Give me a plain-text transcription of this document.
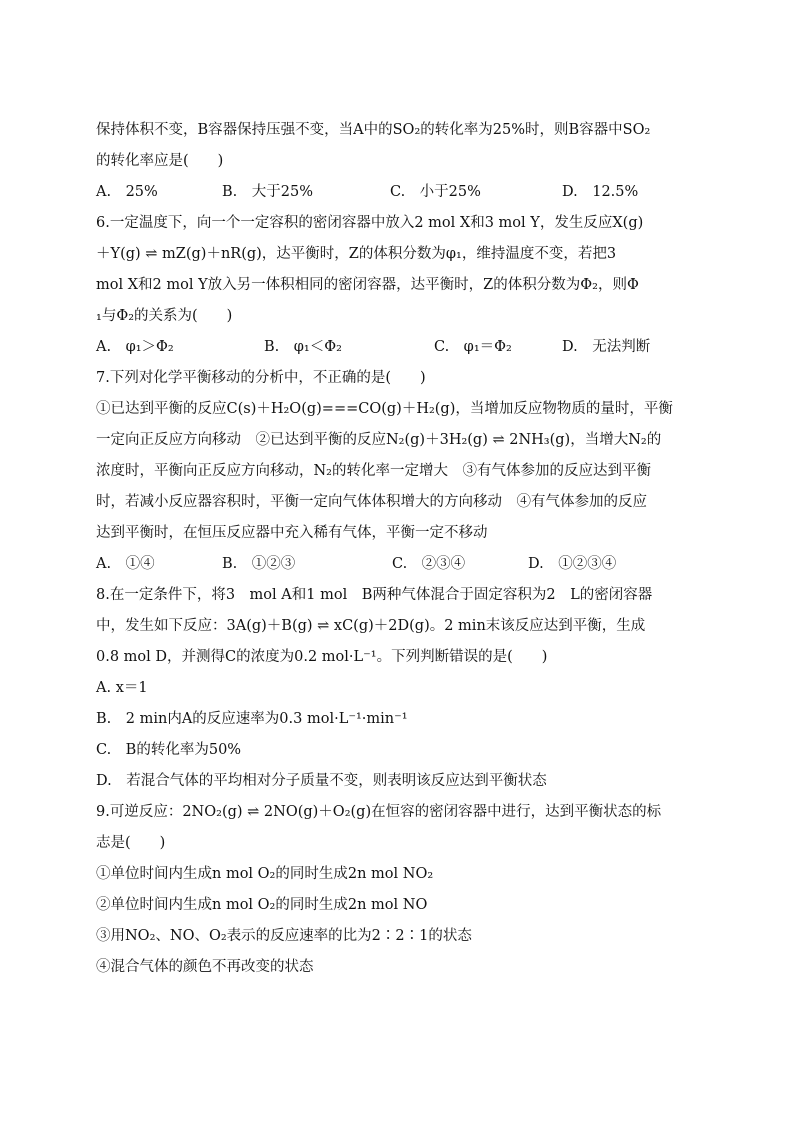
保持体积不变，B容器保持压强不变，当A中的SO₂的转化率为25%时，则B容器中SO₂
的转化率应是(　　)
A.　25%	B.　大于25%	C.　小于25%	D.　12.5%
6.一定温度下，向一个一定容积的密闭容器中放入2 mol X和3 mol Y，发生反应X(g)
＋Y(g) ⇌ mZ(g)＋nR(g)，达平衡时，Z的体积分数为φ₁，维持温度不变，若把3
mol X和2 mol Y放入另一体积相同的密闭容器，达平衡时，Z的体积分数为Φ₂，则Φ
₁与Φ₂的关系为(　　)
A.　φ₁＞Φ₂	B.　φ₁＜Φ₂	C.　φ₁＝Φ₂	D.　无法判断
7.下列对化学平衡移动的分析中，不正确的是(　　)
①已达到平衡的反应C(s)＋H₂O(g)===CO(g)＋H₂(g)，当增加反应物物质的量时，平衡
一定向正反应方向移动　②已达到平衡的反应N₂(g)＋3H₂(g) ⇌ 2NH₃(g)，当增大N₂的
浓度时，平衡向正反应方向移动，N₂的转化率一定增大　③有气体参加的反应达到平衡
时，若减小反应器容积时，平衡一定向气体体积增大的方向移动　④有气体参加的反应
达到平衡时，在恒压反应器中充入稀有气体，平衡一定不移动
A.　①④	B.　①②③	C.　②③④	D.　①②③④
8.在一定条件下，将3　mol A和1 mol　B两种气体混合于固定容积为2　L的密闭容器
中，发生如下反应：3A(g)＋B(g) ⇌ xC(g)＋2D(g)。2 min末该反应达到平衡，生成
0.8 mol D，并测得C的浓度为0.2 mol·L⁻¹。下列判断错误的是(　　)
A. x＝1
B.　2 min内A的反应速率为0.3 mol·L⁻¹·min⁻¹
C.　B的转化率为50%
D.　若混合气体的平均相对分子质量不变，则表明该反应达到平衡状态
9.可逆反应：2NO₂(g) ⇌ 2NO(g)＋O₂(g)在恒容的密闭容器中进行，达到平衡状态的标
志是(　　)
①单位时间内生成n mol O₂的同时生成2n mol NO₂
②单位时间内生成n mol O₂的同时生成2n mol NO
③用NO₂、NO、O₂表示的反应速率的比为2∶2∶1的状态
④混合气体的颜色不再改变的状态
